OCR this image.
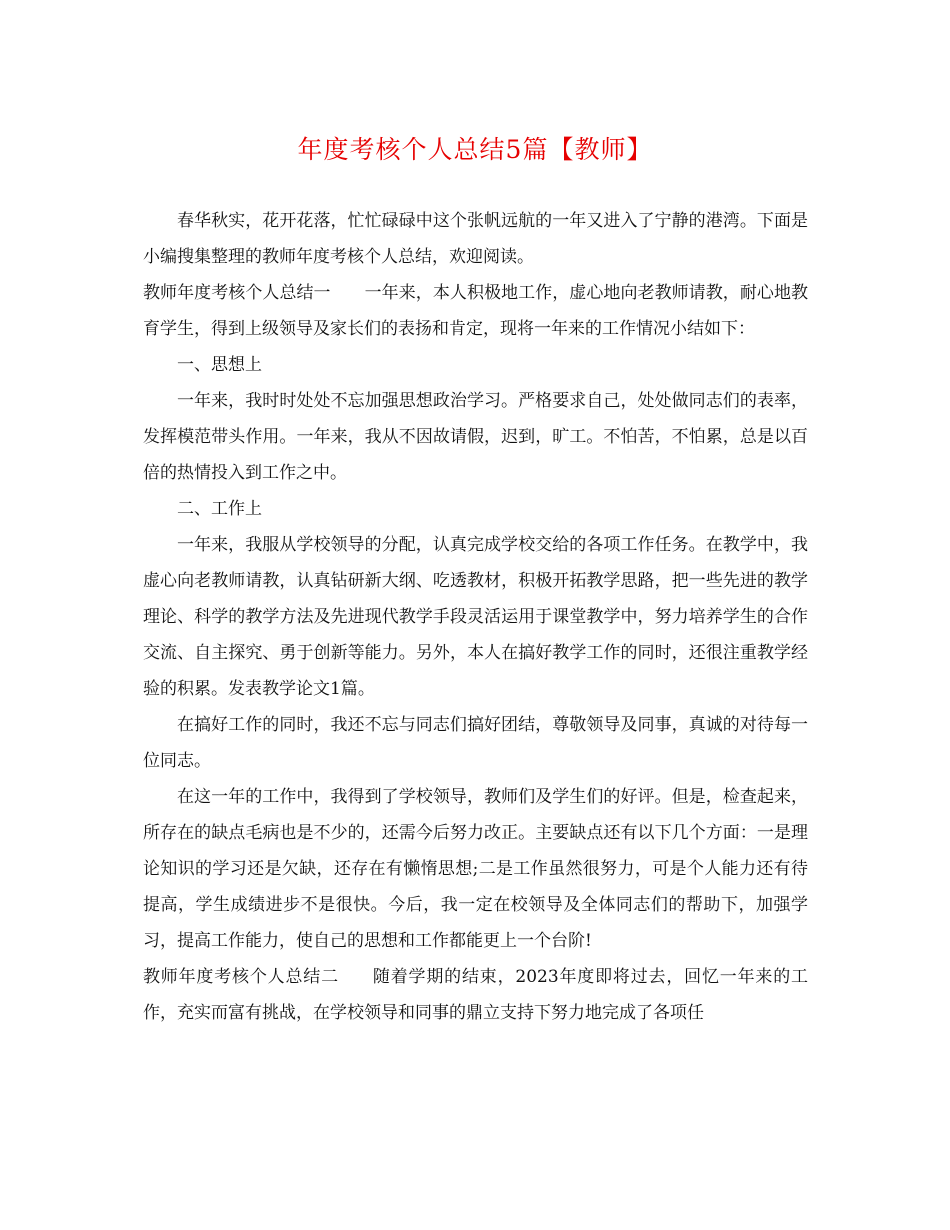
年度考核个人总结5篇【教师】

春华秋实，花开花落，忙忙碌碌中这个张帆远航的一年又进入了宁静的港湾。下面是小编搜集整理的教师年度考核个人总结，欢迎阅读。

教师年度考核个人总结一 一年来，本人积极地工作，虚心地向老教师请教，耐心地教育学生，得到上级领导及家长们的表扬和肯定，现将一年来的工作情况小结如下：

一、思想上

一年来，我时时处处不忘加强思想政治学习。严格要求自己，处处做同志们的表率，发挥模范带头作用。一年来，我从不因故请假，迟到，旷工。不怕苦，不怕累，总是以百倍的热情投入到工作之中。

二、工作上

一年来，我服从学校领导的分配，认真完成学校交给的各项工作任务。在教学中，我虚心向老教师请教，认真钻研新大纲、吃透教材，积极开拓教学思路，把一些先进的教学理论、科学的教学方法及先进现代教学手段灵活运用于课堂教学中，努力培养学生的合作交流、自主探究、勇于创新等能力。另外，本人在搞好教学工作的同时，还很注重教学经验的积累。发表教学论文1篇。

在搞好工作的同时，我还不忘与同志们搞好团结，尊敬领导及同事，真诚的对待每一位同志。

在这一年的工作中，我得到了学校领导，教师们及学生们的好评。但是，检查起来，所存在的缺点毛病也是不少的，还需今后努力改正。主要缺点还有以下几个方面：一是理论知识的学习还是欠缺，还存在有懒惰思想;二是工作虽然很努力，可是个人能力还有待提高，学生成绩进步不是很快。今后，我一定在校领导及全体同志们的帮助下，加强学习，提高工作能力，使自己的思想和工作都能更上一个台阶!

教师年度考核个人总结二 随着学期的结束，2023年度即将过去，回忆一年来的工作，充实而富有挑战，在学校领导和同事的鼎立支持下努力地完成了各项任
